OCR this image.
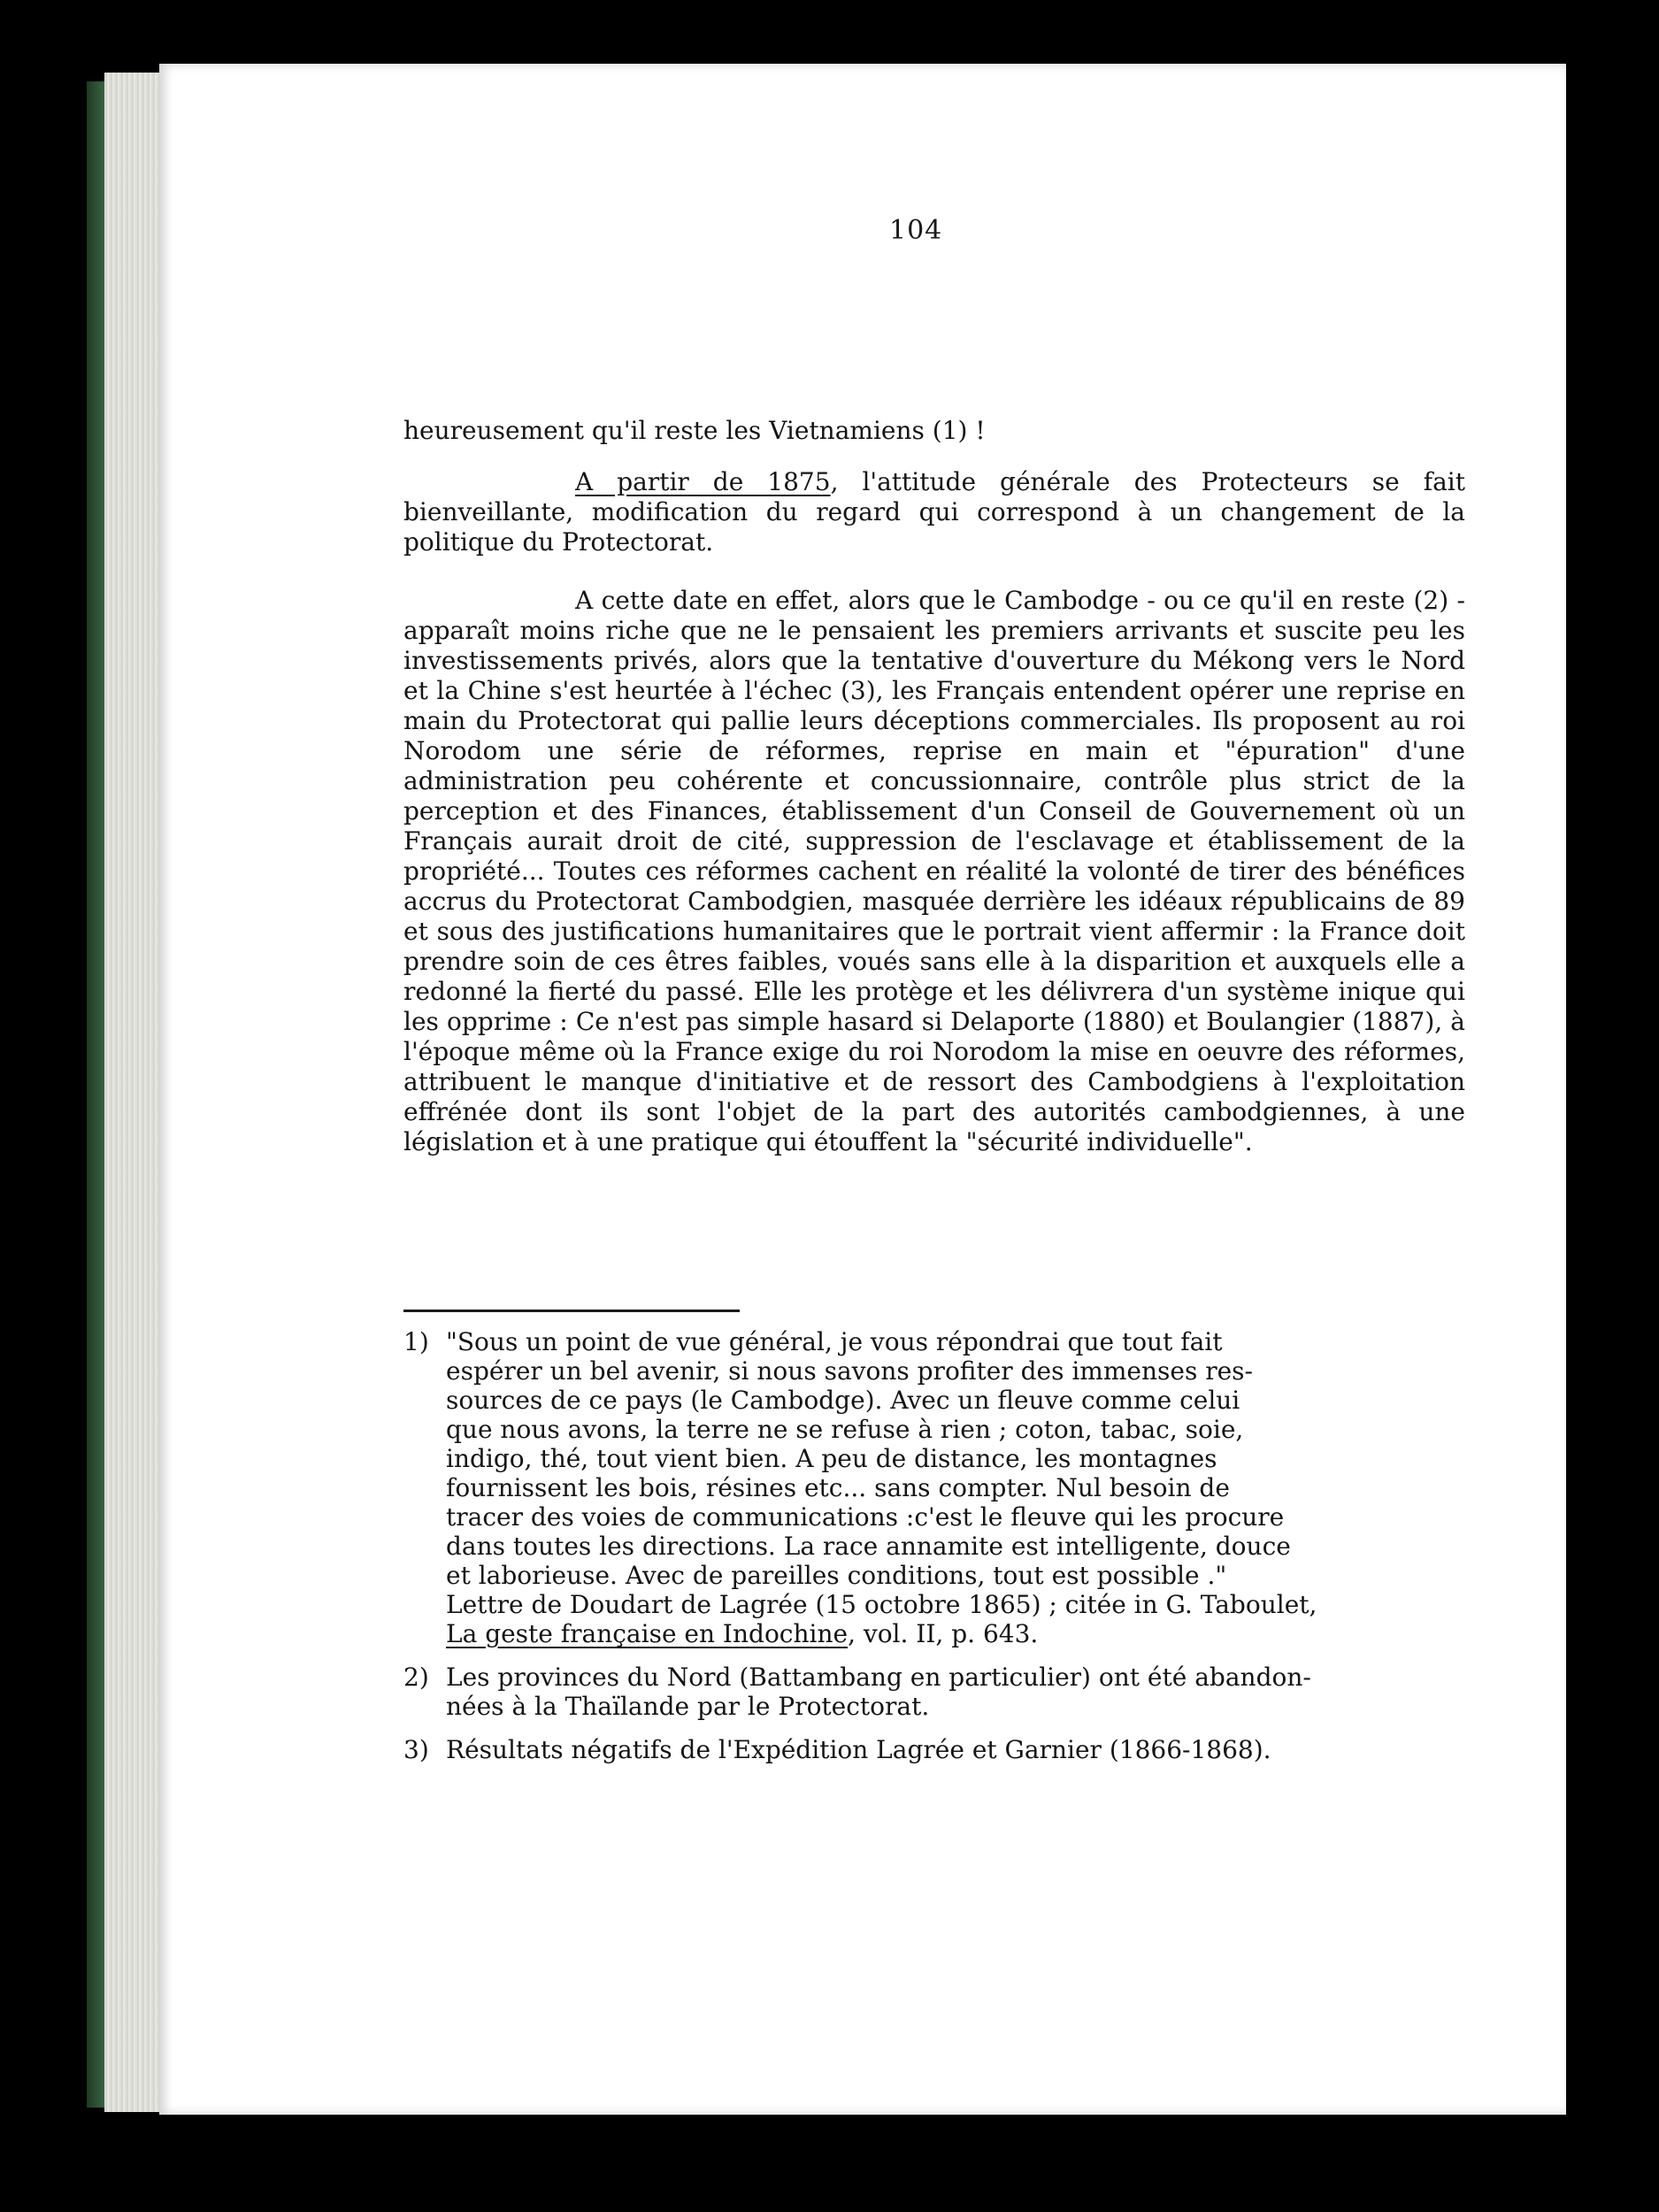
104

heureusement qu'il reste les Vietnamiens (1) !

A partir de 1875, l'attitude générale des Protecteurs se fait bienveillante, modification du regard qui correspond à un changement de la politique du Protectorat.

A cette date en effet, alors que le Cambodge - ou ce qu'il en reste (2) - apparaît moins riche que ne le pensaient les premiers arrivants et suscite peu les investissements privés, alors que la tentative d'ouverture du Mékong vers le Nord et la Chine s'est heurtée à l'échec (3), les Français entendent opérer une reprise en main du Protectorat qui pallie leurs déceptions commerciales. Ils proposent au roi Norodom une série de réformes, reprise en main et "épuration" d'une administration peu cohérente et concussionnaire, contrôle plus strict de la perception et des Finances, établissement d'un Conseil de Gouvernement où un Français aurait droit de cité, suppression de l'esclavage et établissement de la propriété... Toutes ces réformes cachent en réalité la volonté de tirer des bénéfices accrus du Protectorat Cambodgien, masquée derrière les idéaux républicains de 89 et sous des justifications humanitaires que le portrait vient affermir : la France doit prendre soin de ces êtres faibles, voués sans elle à la disparition et auxquels elle a redonné la fierté du passé. Elle les protège et les délivrera d'un système inique qui les opprime : Ce n'est pas simple hasard si Delaporte (1880) et Boulangier (1887), à l'époque même où la France exige du roi Norodom la mise en oeuvre des réformes, attribuent le manque d'initiative et de ressort des Cambodgiens à l'exploitation effrénée dont ils sont l'objet de la part des autorités cambodgiennes, à une législation et à une pratique qui étouffent la "sécurité individuelle".

1) "Sous un point de vue général, je vous répondrai que tout fait
espérer un bel avenir, si nous savons profiter des immenses res-
sources de ce pays (le Cambodge). Avec un fleuve comme celui
que nous avons, la terre ne se refuse à rien ; coton, tabac, soie,
indigo, thé, tout vient bien. A peu de distance, les montagnes
fournissent les bois, résines etc... sans compter. Nul besoin de
tracer des voies de communications :c'est le fleuve qui les procure
dans toutes les directions. La race annamite est intelligente, douce
et laborieuse. Avec de pareilles conditions, tout est possible ."
Lettre de Doudart de Lagrée (15 octobre 1865) ; citée in G. Taboulet,
La geste française en Indochine, vol. II, p. 643.
2) Les provinces du Nord (Battambang en particulier) ont été abandon-
nées à la Thaïlande par le Protectorat.
3) Résultats négatifs de l'Expédition Lagrée et Garnier (1866-1868).
